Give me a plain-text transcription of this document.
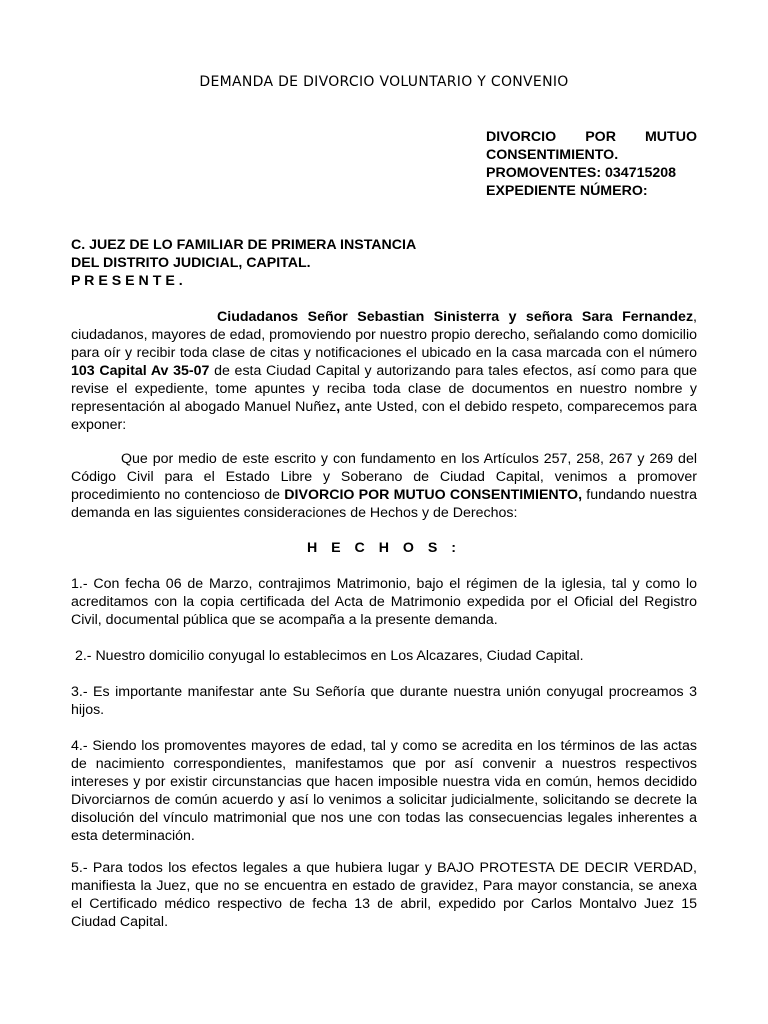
DEMANDA DE DIVORCIO VOLUNTARIO Y CONVENIO
DIVORCIO POR MUTUO
CONSENTIMIENTO.
PROMOVENTES: 034715208
EXPEDIENTE NÚMERO:
C. JUEZ DE LO FAMILIAR DE PRIMERA INSTANCIA
DEL DISTRITO JUDICIAL, CAPITAL.
P R E S E N T E .

Ciudadanos Señor Sebastian Sinisterra y señora Sara Fernandez, ciudadanos, mayores de edad, promoviendo por nuestro propio derecho, señalando como domicilio para oír y recibir toda clase de citas y notificaciones el ubicado en la casa marcada con el número 103 Capital Av 35-07 de esta Ciudad Capital y autorizando para tales efectos, así como para que revise el expediente, tome apuntes y reciba toda clase de documentos en nuestro nombre y representación al abogado Manuel Nuñez, ante Usted, con el debido respeto, comparecemos para exponer:

Que por medio de este escrito y con fundamento en los Artículos 257, 258, 267 y 269 del Código Civil para el Estado Libre y Soberano de Ciudad Capital, venimos a promover procedimiento no contencioso de DIVORCIO POR MUTUO CONSENTIMIENTO, fundando nuestra demanda en las siguientes consideraciones de Hechos y de Derechos:

H E C H O S :

1.- Con fecha 06 de Marzo, contrajimos Matrimonio, bajo el régimen de la iglesia, tal y como lo acreditamos con la copia certificada del Acta de Matrimonio expedida por el Oficial del Registro Civil, documental pública que se acompaña a la presente demanda.

2.- Nuestro domicilio conyugal lo establecimos en Los Alcazares, Ciudad Capital.

3.- Es importante manifestar ante Su Señoría que durante nuestra unión conyugal procreamos 3 hijos.

4.- Siendo los promoventes mayores de edad, tal y como se acredita en los términos de las actas de nacimiento correspondientes, manifestamos que por así convenir a nuestros respectivos intereses y por existir circunstancias que hacen imposible nuestra vida en común, hemos decidido Divorciarnos de común acuerdo y así lo venimos a solicitar judicialmente, solicitando se decrete la disolución del vínculo matrimonial que nos une con todas las consecuencias legales inherentes a esta determinación.

5.- Para todos los efectos legales a que hubiera lugar y BAJO PROTESTA DE DECIR VERDAD, manifiesta la Juez, que no se encuentra en estado de gravidez, Para mayor constancia, se anexa el Certificado médico respectivo de fecha 13 de abril, expedido por Carlos Montalvo Juez 15 Ciudad Capital.
